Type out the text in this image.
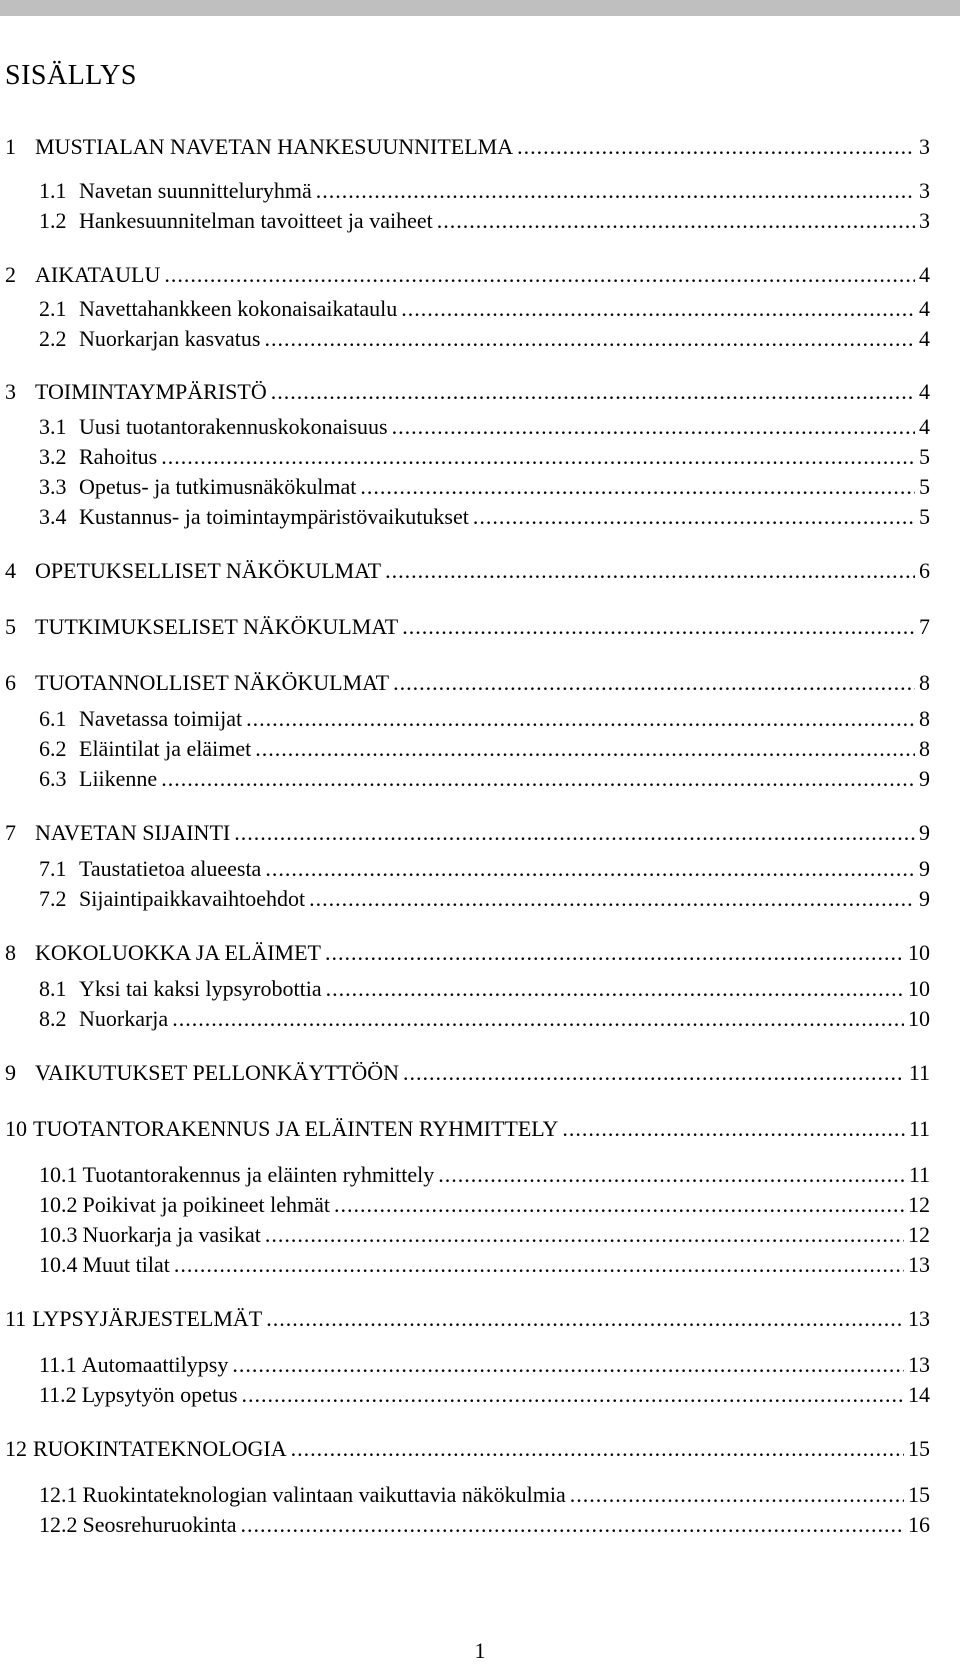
SISÄLLYS
1 MUSTIALAN NAVETAN HANKESUUNNITELMA .....	3
1.1 Navetan suunnitteluryhmä .....	3
1.2 Hankesuunnitelman tavoitteet ja vaiheet .....	3
2 AIKATAULU .....	4
2.1 Navettahankkeen kokonaisaikataulu .....	4
2.2 Nuorkarjan kasvatus .....	4
3 TOIMINTAYMPÄRISTÖ .....	4
3.1 Uusi tuotantorakennuskokonaisuus .....	4
3.2 Rahoitus .....	5
3.3 Opetus- ja tutkimusnäkökulmat .....	5
3.4 Kustannus- ja toimintaympäristövaikutukset .....	5
4 OPETUKSELLISET NÄKÖKULMAT .....	6
5 TUTKIMUKSELISET NÄKÖKULMAT .....	7
6 TUOTANNOLLISET NÄKÖKULMAT .....	8
6.1 Navetassa toimijat .....	8
6.2 Eläintilat ja eläimet .....	8
6.3 Liikenne .....	9
7 NAVETAN SIJAINTI .....	9
7.1 Taustatietoa alueesta .....	9
7.2 Sijaintipaikkavaihtoehdot .....	9
8 KOKOLUOKKA JA ELÄIMET .....	10
8.1 Yksi tai kaksi lypsyrobottia .....	10
8.2 Nuorkarja .....	10
9 VAIKUTUKSET PELLONKÄYTTÖÖN .....	11
10 TUOTANTORAKENNUS JA ELÄINTEN RYHMITTELY .....	11
10.1 Tuotantorakennus ja eläinten ryhmittely .....	11
10.2 Poikivat ja poikineet lehmät .....	12
10.3 Nuorkarja ja vasikat .....	12
10.4 Muut tilat .....	13
11 LYPSYJÄRJESTELMÄT .....	13
11.1 Automaattilypsy .....	13
11.2 Lypsytyön opetus .....	14
12 RUOKINTATEKNOLOGIA .....	15
12.1 Ruokintateknologian valintaan vaikuttavia näkökulmia .....	15
12.2 Seosrehuruokinta .....	16
1
